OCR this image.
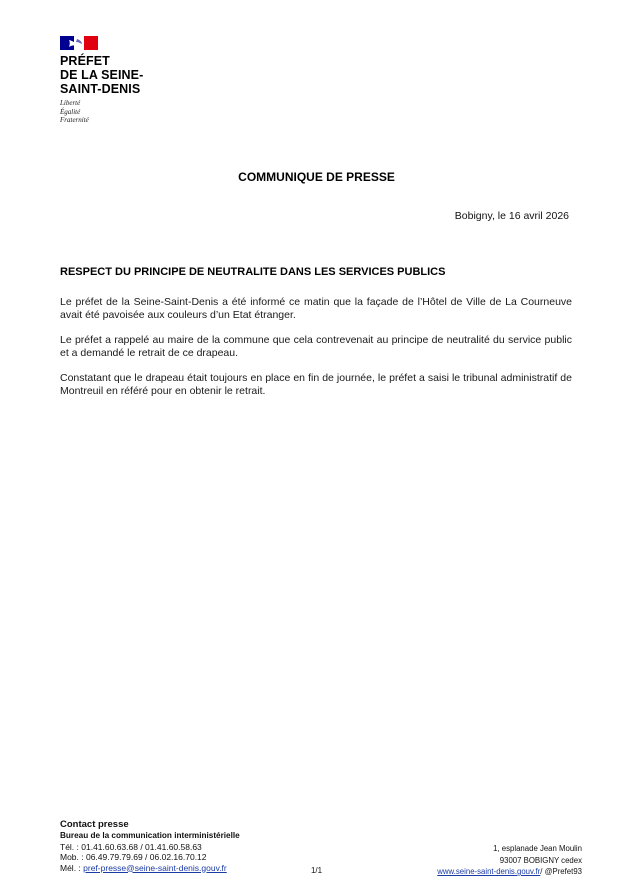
PRÉFET
DE LA SEINE-
SAINT-DENIS
Liberté
Égalité
Fraternité
COMMUNIQUE DE PRESSE
Bobigny, le 16 avril 2026
RESPECT DU PRINCIPE DE NEUTRALITE DANS LES SERVICES PUBLICS

Le préfet de la Seine-Saint-Denis a été informé ce matin que la façade de l’Hôtel de Ville de La Courneuve avait été pavoisée aux couleurs d’un Etat étranger.

Le préfet a rappelé au maire de la commune que cela contrevenait au principe de neutralité du service public et a demandé le retrait de ce drapeau.

Constatant que le drapeau était toujours en place en fin de journée, le préfet a saisi le tribunal administratif de Montreuil en référé pour en obtenir le retrait.

Contact presse
Bureau de la communication interministérielle
Tél. : 01.41.60.63.68 / 01.41.60.58.63
Mob. : 06.49.79.79.69 / 06.02.16.70.12
Mél. : pref-presse@seine-saint-denis.gouv.fr	1/1
1, esplanade Jean Moulin
93007 BOBIGNY cedex
www.seine-saint-denis.gouv.fr/ @Prefet93
